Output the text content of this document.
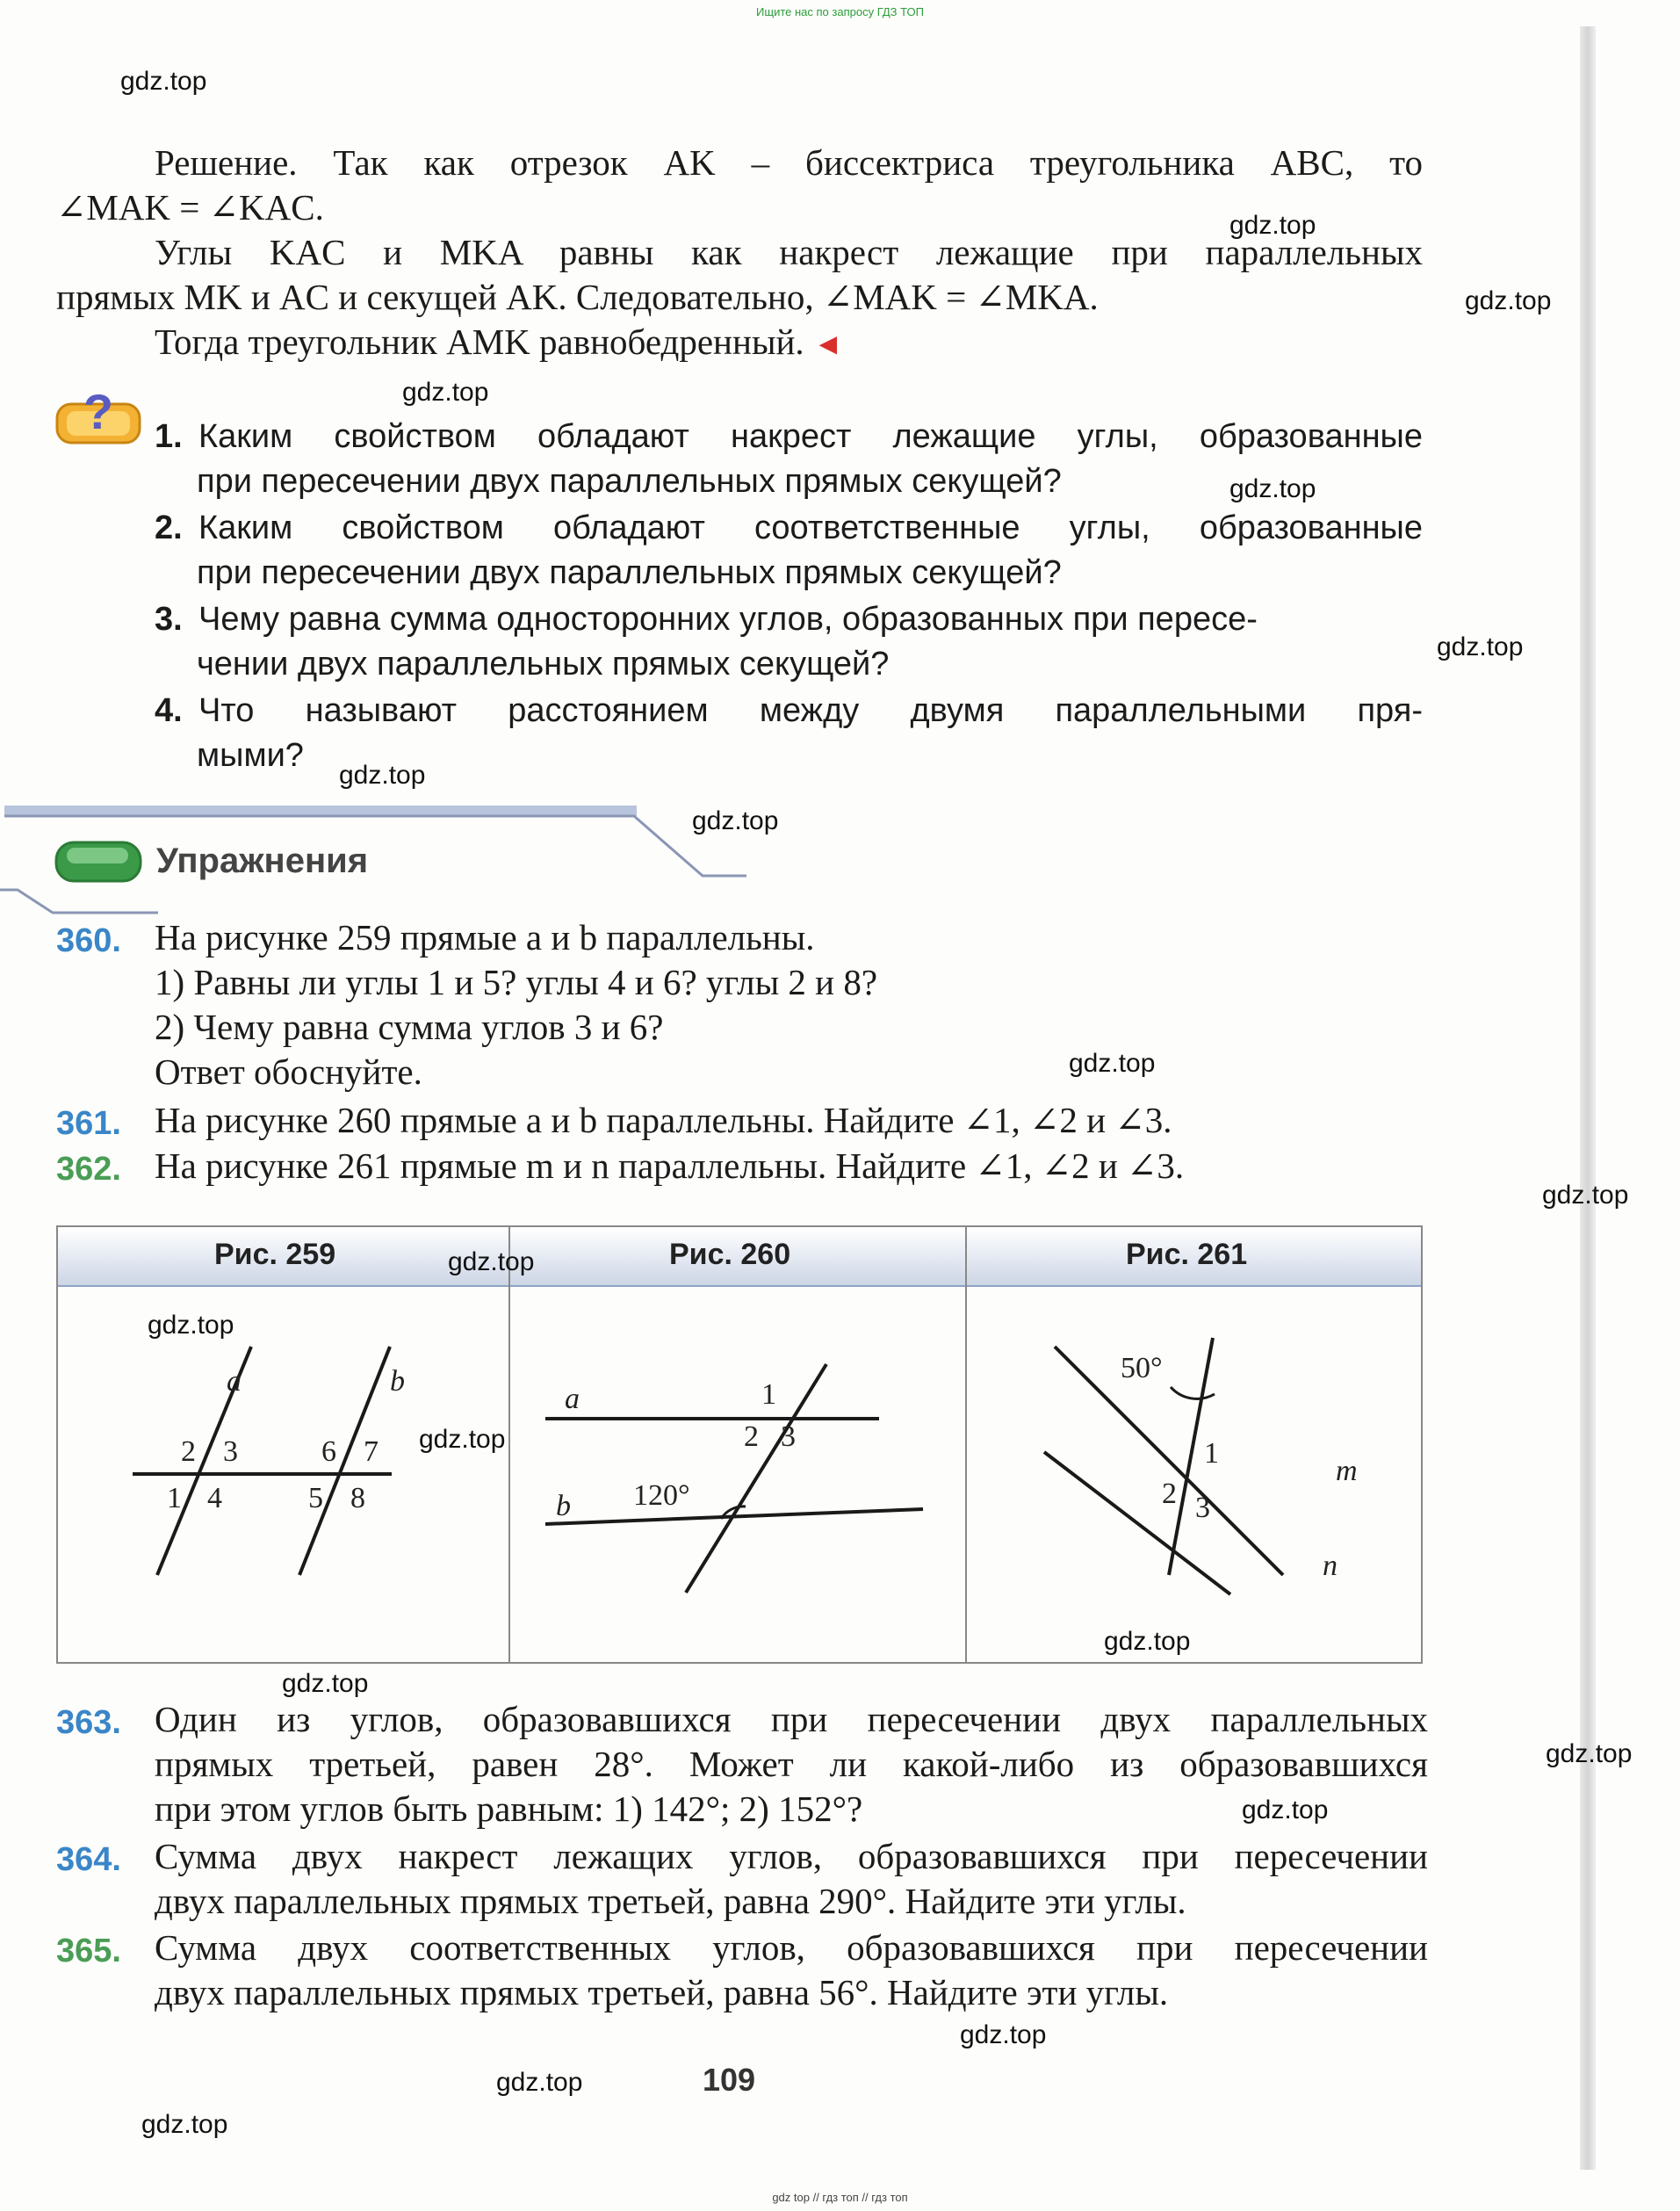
Ищите нас по запросу ГДЗ ТОП
Решение. Так как отрезок AK – биссектриса треугольника ABC, то
∠MAK = ∠KAC.
Углы KAC и MKA равны как накрест лежащие при параллельных
прямых MK и AC и секущей AK. Следовательно, ∠MAK = ∠MKA.
Тогда треугольник AMK равнобедренный. ◄
? 1. Каким свойством обладают накрест лежащие углы, образованные
при пересечении двух параллельных прямых секущей?
2. Каким свойством обладают соответственные углы, образованные
при пересечении двух параллельных прямых секущей?
3. Чему равна сумма односторонних углов, образованных при пересе-
чении двух параллельных прямых секущей?
4. Что называют расстоянием между двумя параллельными пря-
мыми?
Упражнения
360. На рисунке 259 прямые a и b параллельны.
1) Равны ли углы 1 и 5? углы 4 и 6? углы 2 и 8?
2) Чему равна сумма углов 3 и 6?
Ответ обоснуйте.
361. На рисунке 260 прямые a и b параллельны. Найдите ∠1, ∠2 и ∠3.
362. На рисунке 261 прямые m и n параллельны. Найдите ∠1, ∠2 и ∠3.
Рис. 259	Рис. 260	Рис. 261
a	b
2 3
1 4
6 7
5 8
a
b
1
2 3
120°
50°
1
2 3
m
n
363. Один из углов, образовавшихся при пересечении двух параллельных
прямых третьей, равен 28°. Может ли какой-либо из образовавшихся
при этом углов быть равным: 1) 142°; 2) 152°?
364. Сумма двух накрест лежащих углов, образовавшихся при пересечении
двух параллельных прямых третьей, равна 290°. Найдите эти углы.
365. Сумма двух соответственных углов, образовавшихся при пересечении
двух параллельных прямых третьей, равна 56°. Найдите эти углы.
109
gdz.top
gdz.top
gdz.top
gdz.top
gdz.top
gdz.top
gdz.top
gdz.top
gdz.top
gdz.top
gdz.top
gdz.top
gdz.top
gdz.top
gdz.top
gdz.top
gdz.top
gdz.top
gdz.top
gdz.top
gdz top // гдз топ // гдз топ
